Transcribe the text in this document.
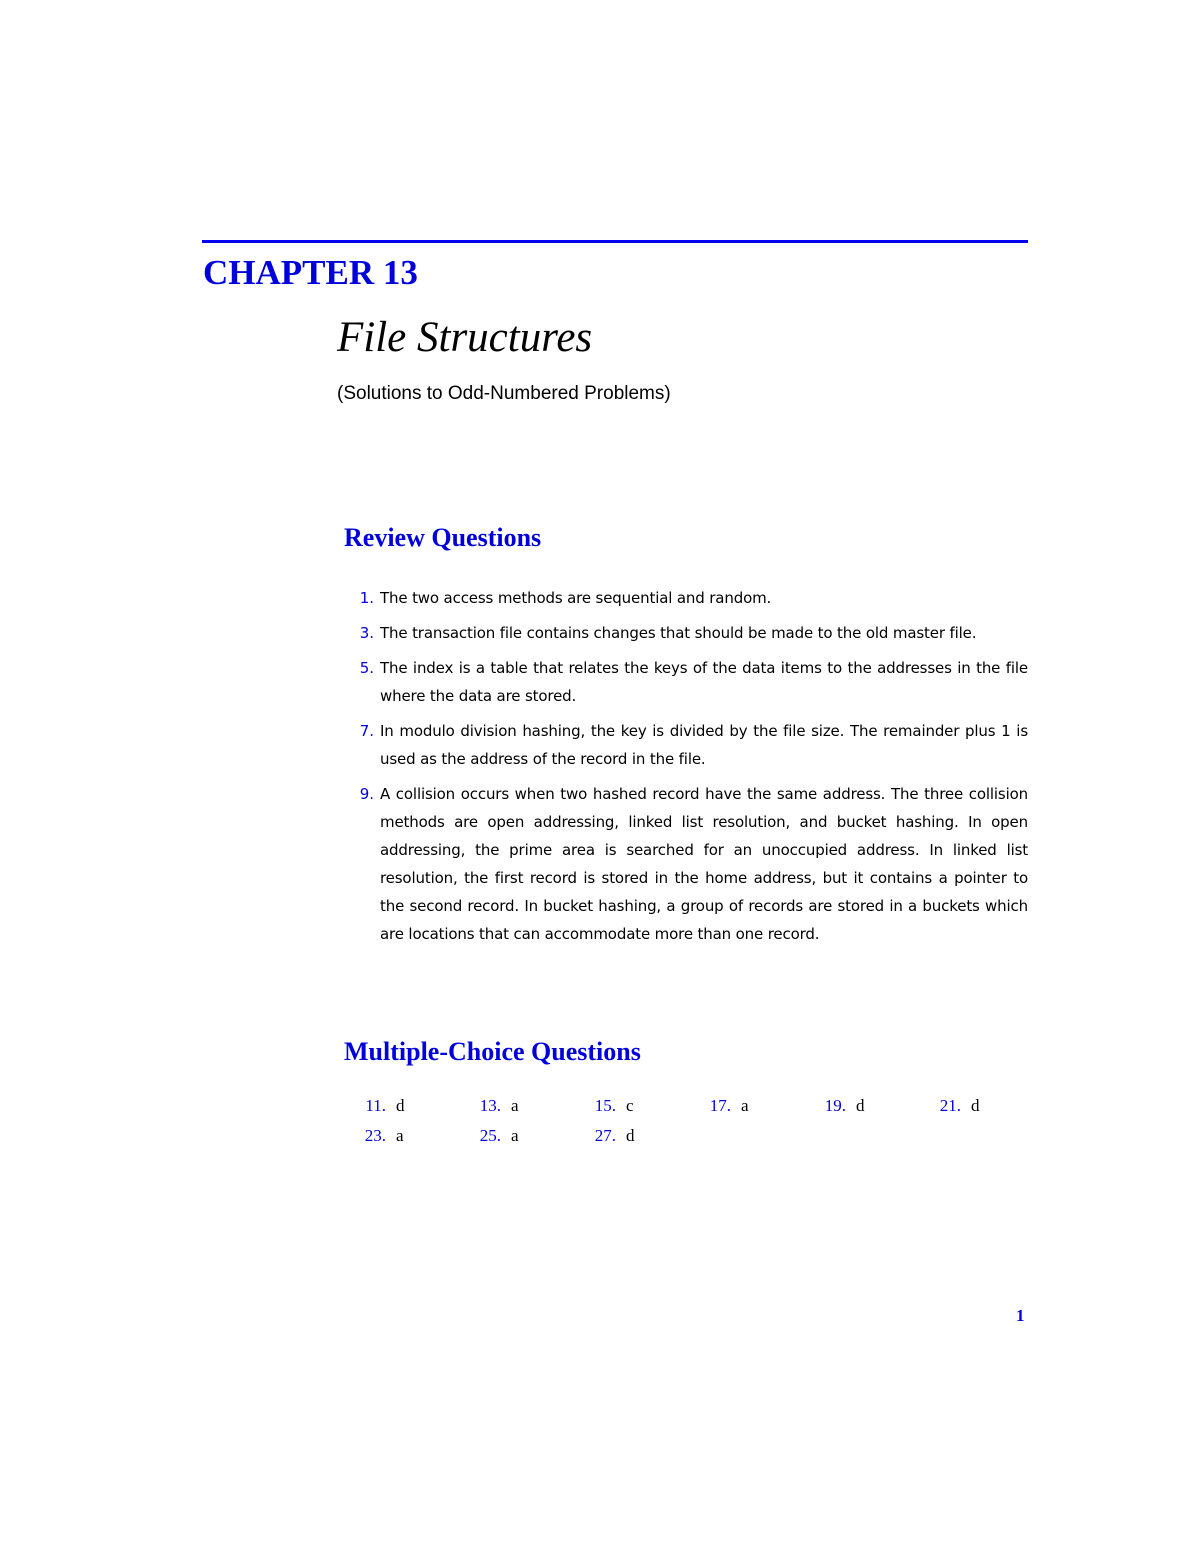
CHAPTER 13
File Structures
(Solutions to Odd-Numbered Problems)
Review Questions
1. The two access methods are sequential and random.
3. The transaction file contains changes that should be made to the old master file.
5. The index is a table that relates the keys of the data items to the addresses in the file where the data are stored.
7. In modulo division hashing, the key is divided by the file size. The remainder plus 1 is used as the address of the record in the file.
9. A collision occurs when two hashed record have the same address. The three collision methods are open addressing, linked list resolution, and bucket hashing. In open addressing, the prime area is searched for an unoccupied address. In linked list resolution, the first record is stored in the home address, but it contains a pointer to the second record. In bucket hashing, a group of records are stored in a buckets which are locations that can accommodate more than one record.
Multiple-Choice Questions
11. d	13. a	15. c	17. a	19. d	21. d
23. a	25. a	27. d
1
